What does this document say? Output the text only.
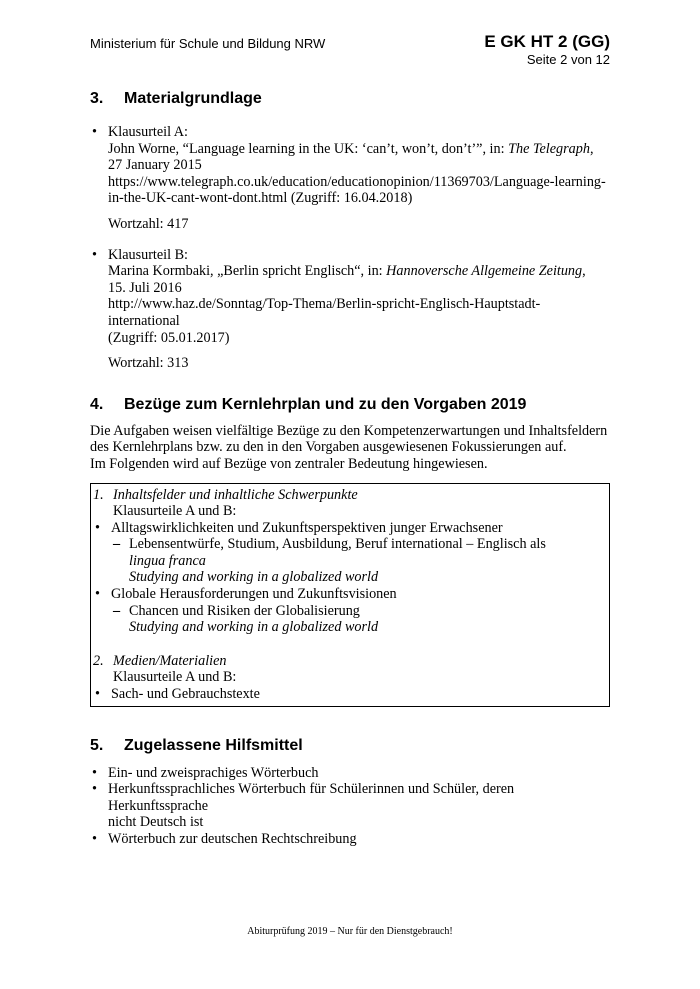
Ministerium für Schule und Bildung NRW	E GK HT 2 (GG)
Seite 2 von 12
3.	Materialgrundlage
• Klausurteil A:
John Worne, “Language learning in the UK: ‘can’t, won’t, don’t’”, in: The Telegraph,
27 January 2015
https://www.telegraph.co.uk/education/educationopinion/11369703/Language-learning-
in-the-UK-cant-wont-dont.html (Zugriff: 16.04.2018)
Wortzahl: 417
• Klausurteil B:
Marina Kormbaki, „Berlin spricht Englisch“, in: Hannoversche Allgemeine Zeitung,
15. Juli 2016
http://www.haz.de/Sonntag/Top-Thema/Berlin-spricht-Englisch-Hauptstadt-international
(Zugriff: 05.01.2017)
Wortzahl: 313
4.	Bezüge zum Kernlehrplan und zu den Vorgaben 2019
Die Aufgaben weisen vielfältige Bezüge zu den Kompetenzerwartungen und Inhaltsfeldern
des Kernlehrplans bzw. zu den in den Vorgaben ausgewiesenen Fokussierungen auf.
Im Folgenden wird auf Bezüge von zentraler Bedeutung hingewiesen.
1. Inhaltsfelder und inhaltliche Schwerpunkte
Klausurteile A und B:
• Alltagswirklichkeiten und Zukunftsperspektiven junger Erwachsener
– Lebensentwürfe, Studium, Ausbildung, Beruf international – Englisch als
lingua franca
Studying and working in a globalized world
• Globale Herausforderungen und Zukunftsvisionen
– Chancen und Risiken der Globalisierung
Studying and working in a globalized world
2. Medien/Materialien
Klausurteile A und B:
• Sach- und Gebrauchstexte
5.	Zugelassene Hilfsmittel
• Ein- und zweisprachiges Wörterbuch
• Herkunftssprachliches Wörterbuch für Schülerinnen und Schüler, deren Herkunftssprache
nicht Deutsch ist
• Wörterbuch zur deutschen Rechtschreibung
Abiturprüfung 2019 – Nur für den Dienstgebrauch!
